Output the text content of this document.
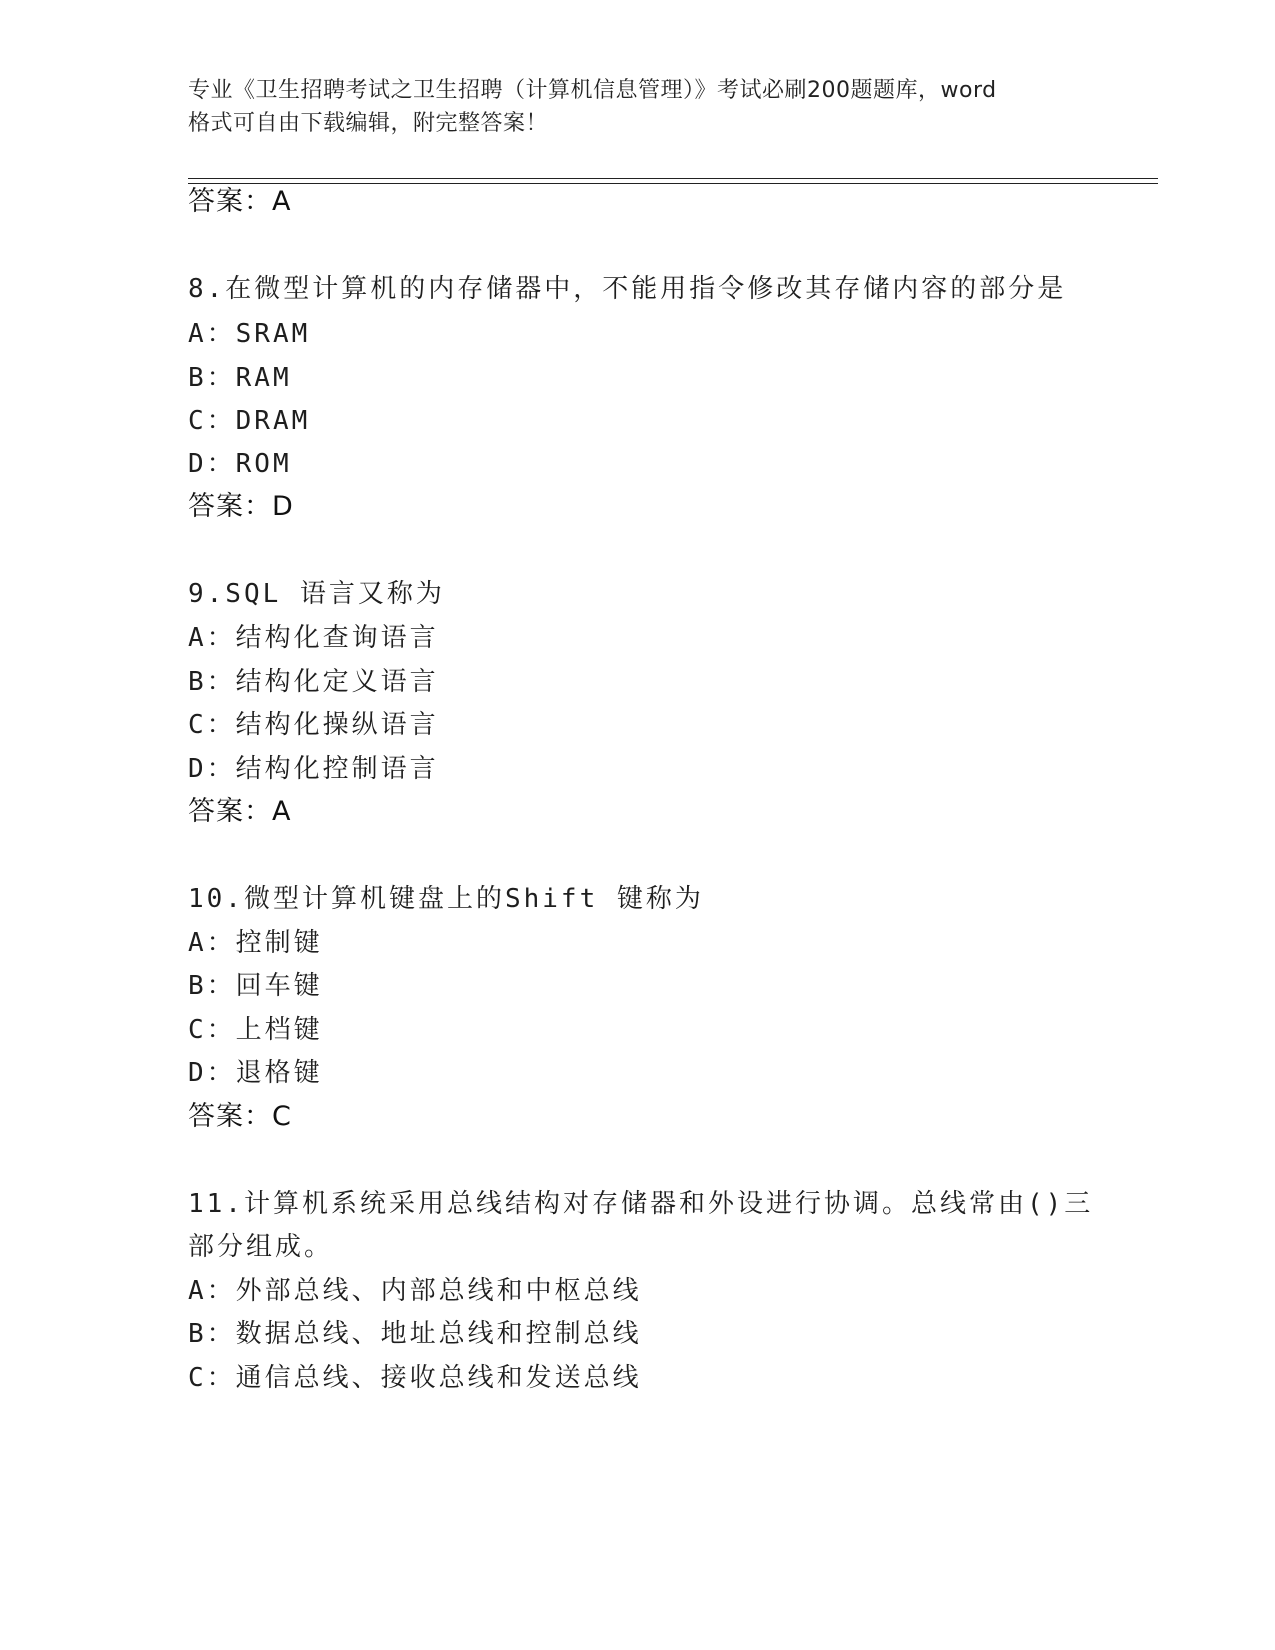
专业《卫生招聘考试之卫生招聘（计算机信息管理）》考试必刷200题题库，word
格式可自由下载编辑，附完整答案！
答案：A
8.在微型计算机的内存储器中，不能用指令修改其存储内容的部分是
A：SRAM
B：RAM
C：DRAM
D：ROM
答案：D
9.SQL 语言又称为
A：结构化查询语言
B：结构化定义语言
C：结构化操纵语言
D：结构化控制语言
答案：A
10.微型计算机键盘上的Shift 键称为
A：控制键
B：回车键
C：上档键
D：退格键
答案：C
11.计算机系统采用总线结构对存储器和外设进行协调。总线常由()三
部分组成。
A：外部总线、内部总线和中枢总线
B：数据总线、地址总线和控制总线
C：通信总线、接收总线和发送总线
